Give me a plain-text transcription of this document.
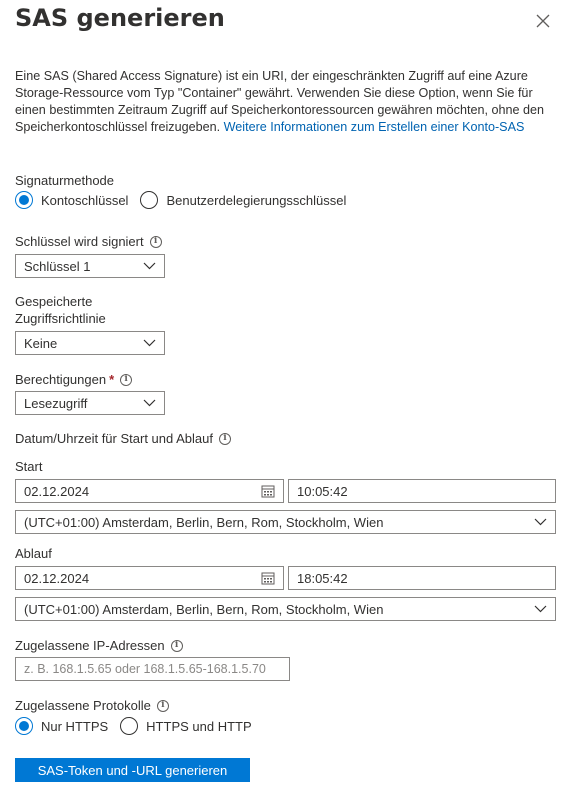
SAS generieren

Eine SAS (Shared Access Signature) ist ein URI, der eingeschränkten Zugriff auf eine Azure Storage-Ressource vom Typ "Container" gewährt. Verwenden Sie diese Option, wenn Sie für einen bestimmten Zeitraum Zugriff auf Speicherkontoressourcen gewähren möchten, ohne den Speicherkontoschlüssel freizugeben. Weitere Informationen zum Erstellen einer Konto-SAS

Signaturmethode
Kontoschlüssel	Benutzerdelegierungsschlüssel
Schlüssel wird signiert	i
Schlüssel 1
Gespeicherte
Zugriffsrichtlinie
Keine
Berechtigungen *	i
Lesezugriff
Datum/Uhrzeit für Start und Ablauf	i
Start
02.12.2024	10:05:42
(UTC+01:00) Amsterdam, Berlin, Bern, Rom, Stockholm, Wien
Ablauf
02.12.2024	18:05:42
(UTC+01:00) Amsterdam, Berlin, Bern, Rom, Stockholm, Wien
Zugelassene IP-Adressen	i
z. B. 168.1.5.65 oder 168.1.5.65-168.1.5.70
Zugelassene Protokolle	i
Nur HTTPS	HTTPS und HTTP
SAS-Token und -URL generieren
